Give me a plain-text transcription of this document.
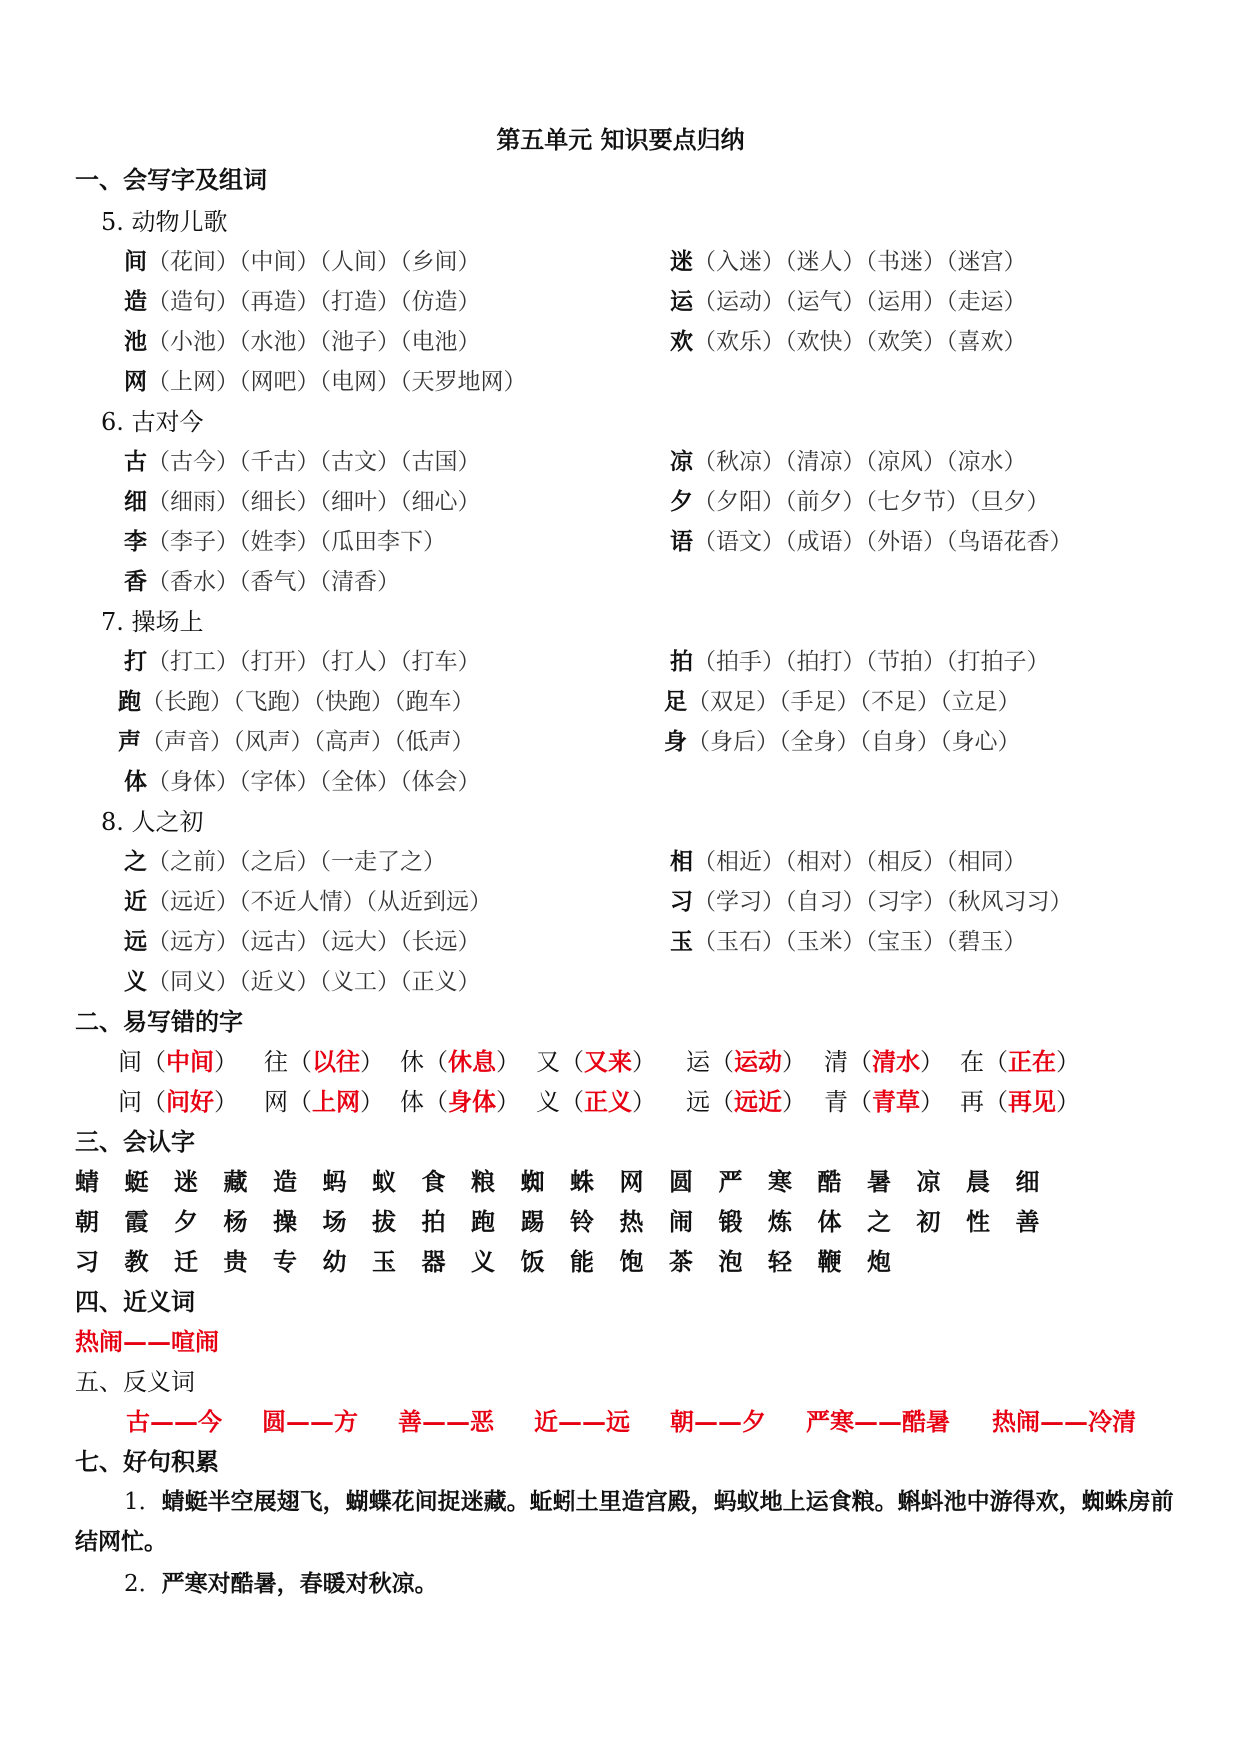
第五单元 知识要点归纳
一、会写字及组词
5. 动物儿歌
间（花间）（中间）（人间）（乡间）
造（造句）（再造）（打造）（仿造）
池（小池）（水池）（池子）（电池）
网（上网）（网吧）（电网）（天罗地网）
迷（入迷）（迷人）（书迷）（迷宫）
运（运动）（运气）（运用）（走运）
欢（欢乐）（欢快）（欢笑）（喜欢）
6. 古对今
古（古今）（千古）（古文）（古国）
细（细雨）（细长）（细叶）（细心）
李（李子）（姓李）（瓜田李下）
香（香水）（香气）（清香）
凉（秋凉）（清凉）（凉风）（凉水）
夕（夕阳）（前夕）（七夕节）（旦夕）
语（语文）（成语）（外语）（鸟语花香）
7. 操场上
打（打工）（打开）（打人）（打车）
跑（长跑）（飞跑）（快跑）（跑车）
声（声音）（风声）（高声）（低声）
体（身体）（字体）（全体）（体会）
拍（拍手）（拍打）（节拍）（打拍子）
足（双足）（手足）（不足）（立足）
身（身后）（全身）（自身）（身心）
8. 人之初
之（之前）（之后）（一走了之）
近（远近）（不近人情）（从近到远）
远（远方）（远古）（远大）（长远）
义（同义）（近义）（义工）（正义）
相（相近）（相对）（相反）（相同）
习（学习）（自习）（习字）（秋风习习）
玉（玉石）（玉米）（宝玉）（碧玉）
二、易写错的字
间（中间） 往（以往） 休（休息） 又（又来） 运（运动） 清（清水） 在（正在）
问（问好） 网（上网） 体（身体） 义（正义） 远（远近） 青（青草） 再（再见）
三、会认字
蜻 蜓 迷 藏 造 蚂 蚁 食 粮 蜘 蛛 网 圆 严 寒 酷 暑 凉 晨 细
朝 霞 夕 杨 操 场 拔 拍 跑 踢 铃 热 闹 锻 炼 体 之 初 性 善
习 教 迁 贵 专 幼 玉 器 义 饭 能 饱 茶 泡 轻 鞭 炮
四、近义词
热闹——喧闹
五、反义词
古——今 圆——方 善——恶 近——远 朝——夕 严寒——酷暑 热闹——冷清
七、好句积累
1．蜻蜓半空展翅飞，蝴蝶花间捉迷藏。蚯蚓土里造宫殿，蚂蚁地上运食粮。蝌蚪池中游得欢，蜘蛛房前结网忙。
2．严寒对酷暑，春暖对秋凉。
